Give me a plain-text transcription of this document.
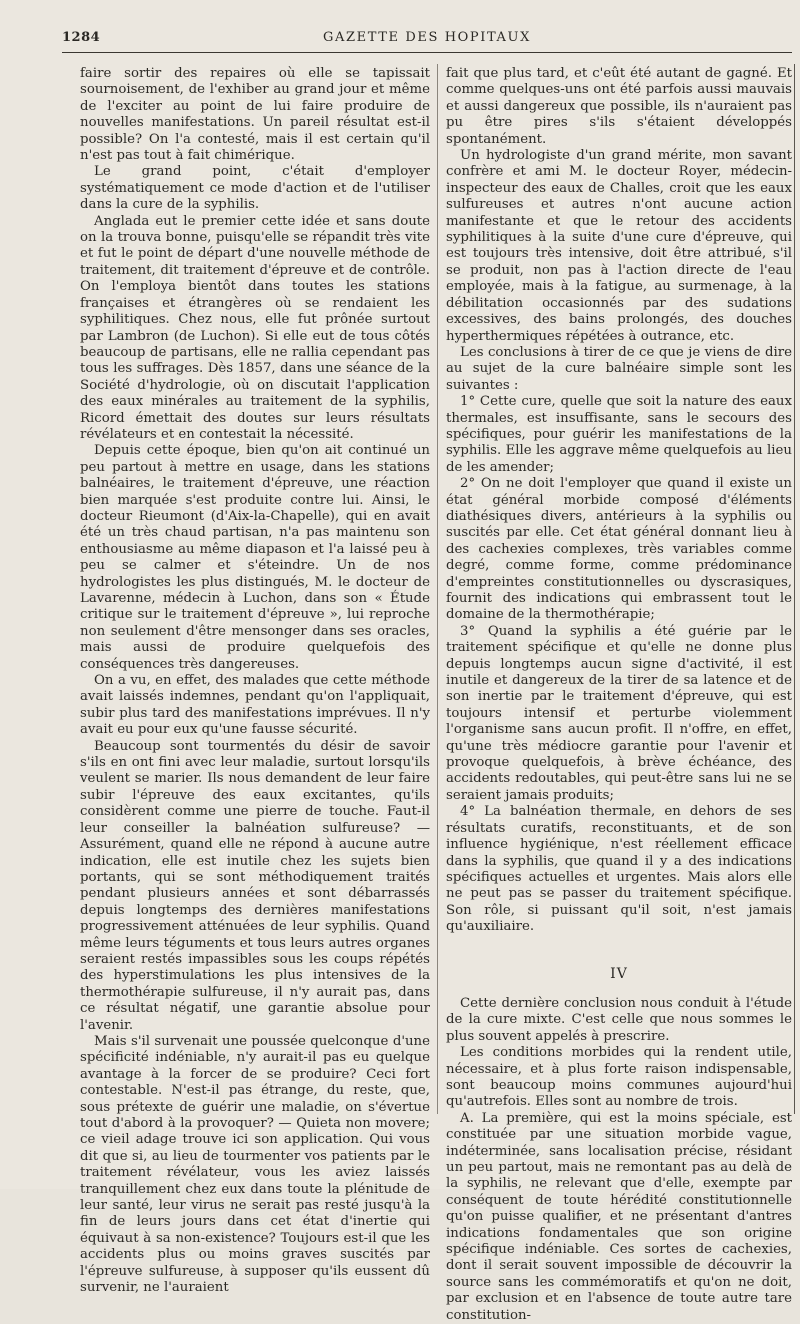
1284	GAZETTE DES HOPITAUX

faire sortir des repaires où elle se tapissait sournoisement, de l'exhiber au grand jour et même de l'exciter au point de lui faire produire de nouvelles manifestations. Un pareil résultat est-il possible? On l'a contesté, mais il est certain qu'il n'est pas tout à fait chimérique.

Le grand point, c'était d'employer systématiquement ce mode d'action et de l'utiliser dans la cure de la syphilis.

Anglada eut le premier cette idée et sans doute on la trouva bonne, puisqu'elle se répandit très vite et fut le point de départ d'une nouvelle méthode de traitement, dit traitement d'épreuve et de contrôle. On l'employa bientôt dans toutes les stations françaises et étrangères où se rendaient les syphilitiques. Chez nous, elle fut prônée surtout par Lambron (de Luchon). Si elle eut de tous côtés beaucoup de partisans, elle ne rallia cependant pas tous les suffrages. Dès 1857, dans une séance de la Société d'hydrologie, où on discutait l'application des eaux minérales au traitement de la syphilis, Ricord émettait des doutes sur leurs résultats révélateurs et en contestait la nécessité.

Depuis cette époque, bien qu'on ait continué un peu partout à mettre en usage, dans les stations balnéaires, le traitement d'épreuve, une réaction bien marquée s'est produite contre lui. Ainsi, le docteur Rieumont (d'Aix-la-Chapelle), qui en avait été un très chaud partisan, n'a pas maintenu son enthousiasme au même diapason et l'a laissé peu à peu se calmer et s'éteindre. Un de nos hydrologistes les plus distingués, M. le docteur de Lavarenne, médecin à Luchon, dans son « Étude critique sur le traitement d'épreuve », lui reproche non seulement d'être mensonger dans ses oracles, mais aussi de produire quelquefois des conséquences très dangereuses.

On a vu, en effet, des malades que cette méthode avait laissés indemnes, pendant qu'on l'appliquait, subir plus tard des manifestations imprévues. Il n'y avait eu pour eux qu'une fausse sécurité.

Beaucoup sont tourmentés du désir de savoir s'ils en ont fini avec leur maladie, surtout lorsqu'ils veulent se marier. Ils nous demandent de leur faire subir l'épreuve des eaux excitantes, qu'ils considèrent comme une pierre de touche. Faut-il leur conseiller la balnéation sulfureuse? — Assurément, quand elle ne répond à aucune autre indication, elle est inutile chez les sujets bien portants, qui se sont méthodiquement traités pendant plusieurs années et sont débarrassés depuis longtemps des dernières manifestations progressivement atténuées de leur syphilis. Quand même leurs téguments et tous leurs autres organes seraient restés impassibles sous les coups répétés des hyperstimulations les plus intensives de la thermothérapie sulfureuse, il n'y aurait pas, dans ce résultat négatif, une garantie absolue pour l'avenir.

Mais s'il survenait une poussée quelconque d'une spécificité indéniable, n'y aurait-il pas eu quelque avantage à la forcer de se produire? Ceci fort contestable. N'est-il pas étrange, du reste, que, sous prétexte de guérir une maladie, on s'évertue tout d'abord à la provoquer? — Quieta non movere; ce vieil adage trouve ici son application. Qui vous dit que si, au lieu de tourmenter vos patients par le traitement révélateur, vous les aviez laissés tranquillement chez eux dans toute la plénitude de leur santé, leur virus ne serait pas resté jusqu'à la fin de leurs jours dans cet état d'inertie qui équivaut à sa non-existence? Toujours est-il que les accidents plus ou moins graves suscités par l'épreuve sulfureuse, à supposer qu'ils eussent dû survenir, ne l'auraient

fait que plus tard, et c'eût été autant de gagné. Et comme quelques-uns ont été parfois aussi mauvais et aussi dangereux que possible, ils n'auraient pas pu être pires s'ils s'étaient développés spontanément.

Un hydrologiste d'un grand mérite, mon savant confrère et ami M. le docteur Royer, médecin-inspecteur des eaux de Challes, croit que les eaux sulfureuses et autres n'ont aucune action manifestante et que le retour des accidents syphilitiques à la suite d'une cure d'épreuve, qui est toujours très intensive, doit être attribué, s'il se produit, non pas à l'action directe de l'eau employée, mais à la fatigue, au surmenage, à la débilitation occasionnés par des sudations excessives, des bains prolongés, des douches hyperthermiques répétées à outrance, etc.

Les conclusions à tirer de ce que je viens de dire au sujet de la cure balnéaire simple sont les suivantes :

1° Cette cure, quelle que soit la nature des eaux thermales, est insuffisante, sans le secours des spécifiques, pour guérir les manifestations de la syphilis. Elle les aggrave même quelquefois au lieu de les amender;

2° On ne doit l'employer que quand il existe un état général morbide composé d'éléments diathésiques divers, antérieurs à la syphilis ou suscités par elle. Cet état général donnant lieu à des cachexies complexes, très variables comme degré, comme forme, comme prédominance d'empreintes constitutionnelles ou dyscrasiques, fournit des indications qui embrassent tout le domaine de la thermothérapie;

3° Quand la syphilis a été guérie par le traitement spécifique et qu'elle ne donne plus depuis longtemps aucun signe d'activité, il est inutile et dangereux de la tirer de sa latence et de son inertie par le traitement d'épreuve, qui est toujours intensif et perturbe violemment l'organisme sans aucun profit. Il n'offre, en effet, qu'une très médiocre garantie pour l'avenir et provoque quelquefois, à brève échéance, des accidents redoutables, qui peut-être sans lui ne se seraient jamais produits;

4° La balnéation thermale, en dehors de ses résultats curatifs, reconstituants, et de son influence hygiénique, n'est réellement efficace dans la syphilis, que quand il y a des indications spécifiques actuelles et urgentes. Mais alors elle ne peut pas se passer du traitement spécifique. Son rôle, si puissant qu'il soit, n'est jamais qu'auxiliaire.

IV

Cette dernière conclusion nous conduit à l'étude de la cure mixte. C'est celle que nous sommes le plus souvent appelés à prescrire.

Les conditions morbides qui la rendent utile, nécessaire, et à plus forte raison indispensable, sont beaucoup moins communes aujourd'hui qu'autrefois. Elles sont au nombre de trois.

A. La première, qui est la moins spéciale, est constituée par une situation morbide vague, indéterminée, sans localisation précise, résidant un peu partout, mais ne remontant pas au delà de la syphilis, ne relevant que d'elle, exempte par conséquent de toute hérédité constitutionnelle qu'on puisse qualifier, et ne présentant d'antres indications fondamentales que son origine spécifique indéniable. Ces sortes de cachexies, dont il serait souvent impossible de découvrir la source sans les commémoratifs et qu'on ne doit, par exclusion et en l'absence de toute autre tare constitution-
